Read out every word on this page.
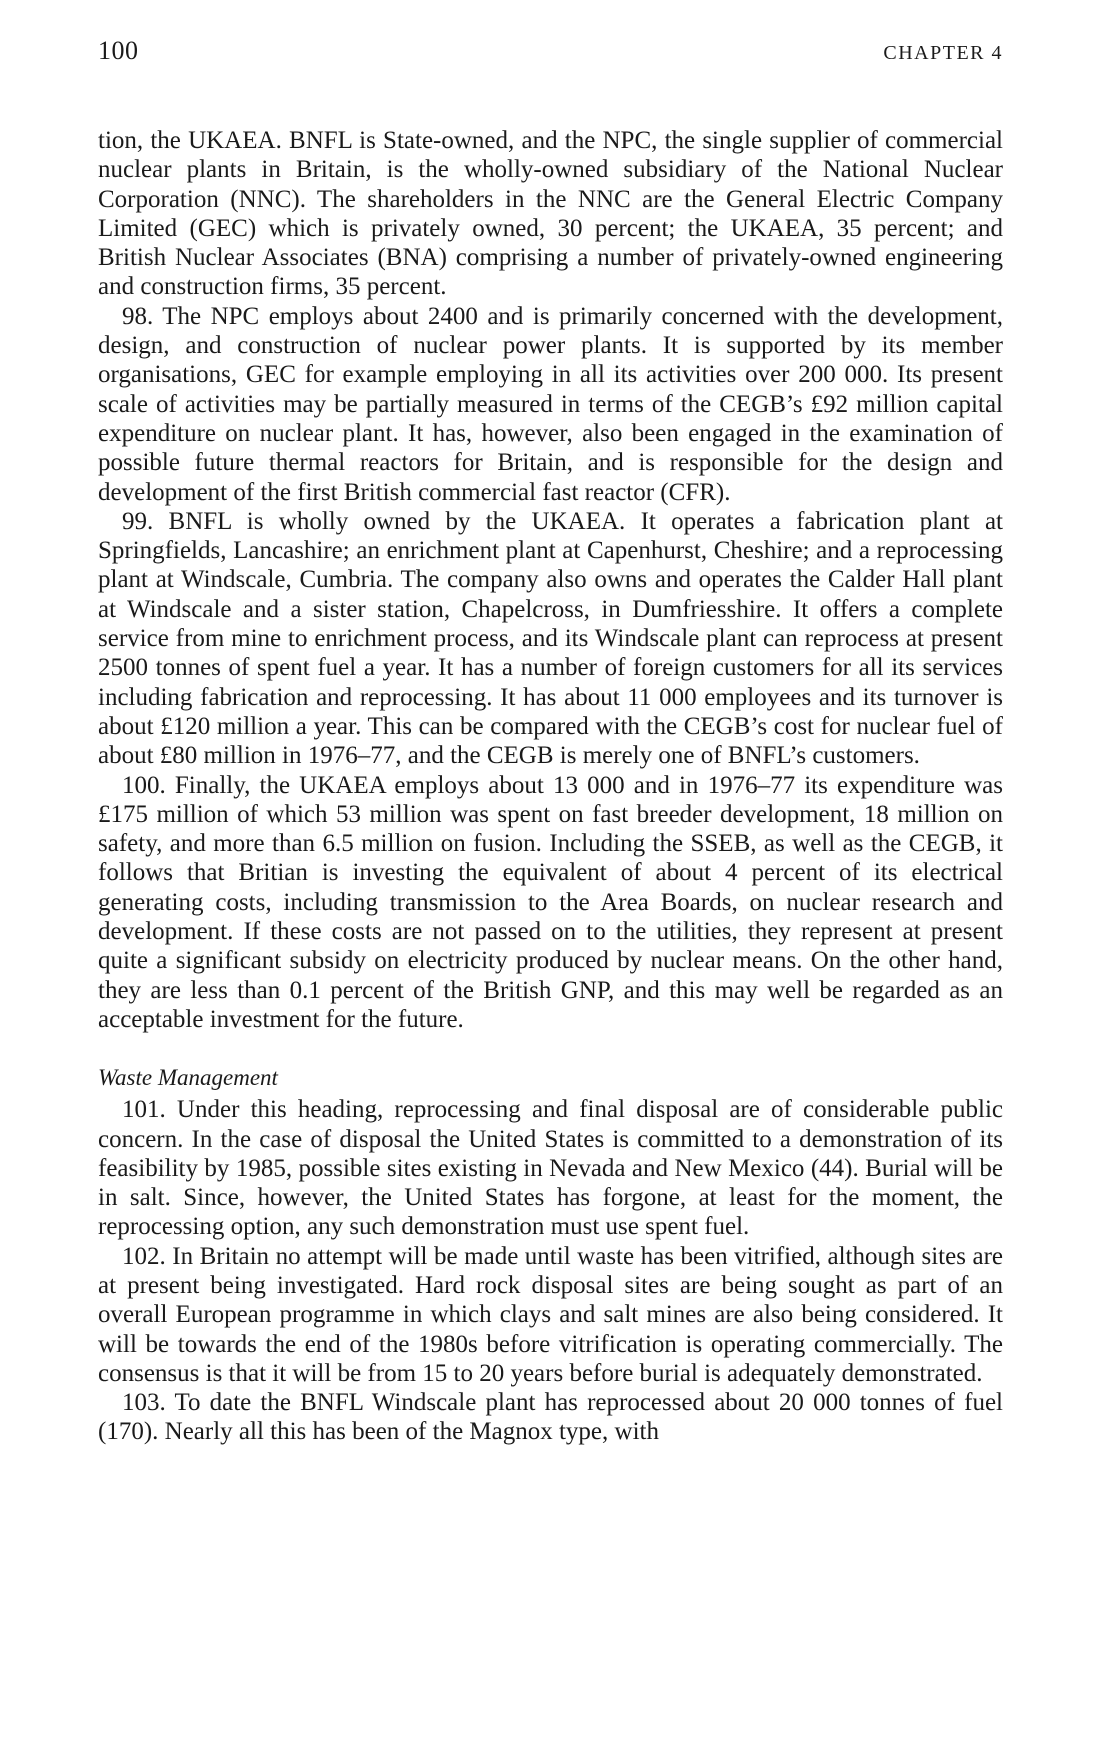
100	CHAPTER 4

tion, the UKAEA. BNFL is State-owned, and the NPC, the single supplier of commercial nuclear plants in Britain, is the wholly-owned subsidiary of the National Nuclear Corporation (NNC). The shareholders in the NNC are the General Electric Company Limited (GEC) which is privately owned, 30 percent; the UKAEA, 35 percent; and British Nuclear Associates (BNA) comprising a number of privately-owned engineering and construction firms, 35 percent.

98. The NPC employs about 2400 and is primarily concerned with the development, design, and construction of nuclear power plants. It is supported by its member organisations, GEC for example employing in all its activities over 200 000. Its present scale of activities may be partially measured in terms of the CEGB’s £92 million capital expenditure on nuclear plant. It has, however, also been engaged in the examination of possible future thermal reactors for Britain, and is responsible for the design and development of the first British commercial fast reactor (CFR).

99. BNFL is wholly owned by the UKAEA. It operates a fabrication plant at Springfields, Lancashire; an enrichment plant at Capenhurst, Cheshire; and a reprocessing plant at Windscale, Cumbria. The company also owns and operates the Calder Hall plant at Windscale and a sister station, Chapelcross, in Dumfriesshire. It offers a complete service from mine to enrichment process, and its Windscale plant can reprocess at present 2500 tonnes of spent fuel a year. It has a number of foreign customers for all its services including fabrication and reprocessing. It has about 11 000 employees and its turnover is about £120 million a year. This can be compared with the CEGB’s cost for nuclear fuel of about £80 million in 1976–77, and the CEGB is merely one of BNFL’s customers.

100. Finally, the UKAEA employs about 13 000 and in 1976–77 its expenditure was £175 million of which 53 million was spent on fast breeder development, 18 million on safety, and more than 6.5 million on fusion. Including the SSEB, as well as the CEGB, it follows that Britian is investing the equivalent of about 4 percent of its electrical generating costs, including transmission to the Area Boards, on nuclear research and development. If these costs are not passed on to the utilities, they represent at present quite a significant subsidy on electricity produced by nuclear means. On the other hand, they are less than 0.1 percent of the British GNP, and this may well be regarded as an acceptable investment for the future.

Waste Management

101. Under this heading, reprocessing and final disposal are of considerable public concern. In the case of disposal the United States is committed to a demonstration of its feasibility by 1985, possible sites existing in Nevada and New Mexico (44). Burial will be in salt. Since, however, the United States has forgone, at least for the moment, the reprocessing option, any such demonstration must use spent fuel.

102. In Britain no attempt will be made until waste has been vitrified, although sites are at present being investigated. Hard rock disposal sites are being sought as part of an overall European programme in which clays and salt mines are also being considered. It will be towards the end of the 1980s before vitrification is operating commercially. The consensus is that it will be from 15 to 20 years before burial is adequately demonstrated.

103. To date the BNFL Windscale plant has reprocessed about 20 000 tonnes of fuel (170). Nearly all this has been of the Magnox type, with
